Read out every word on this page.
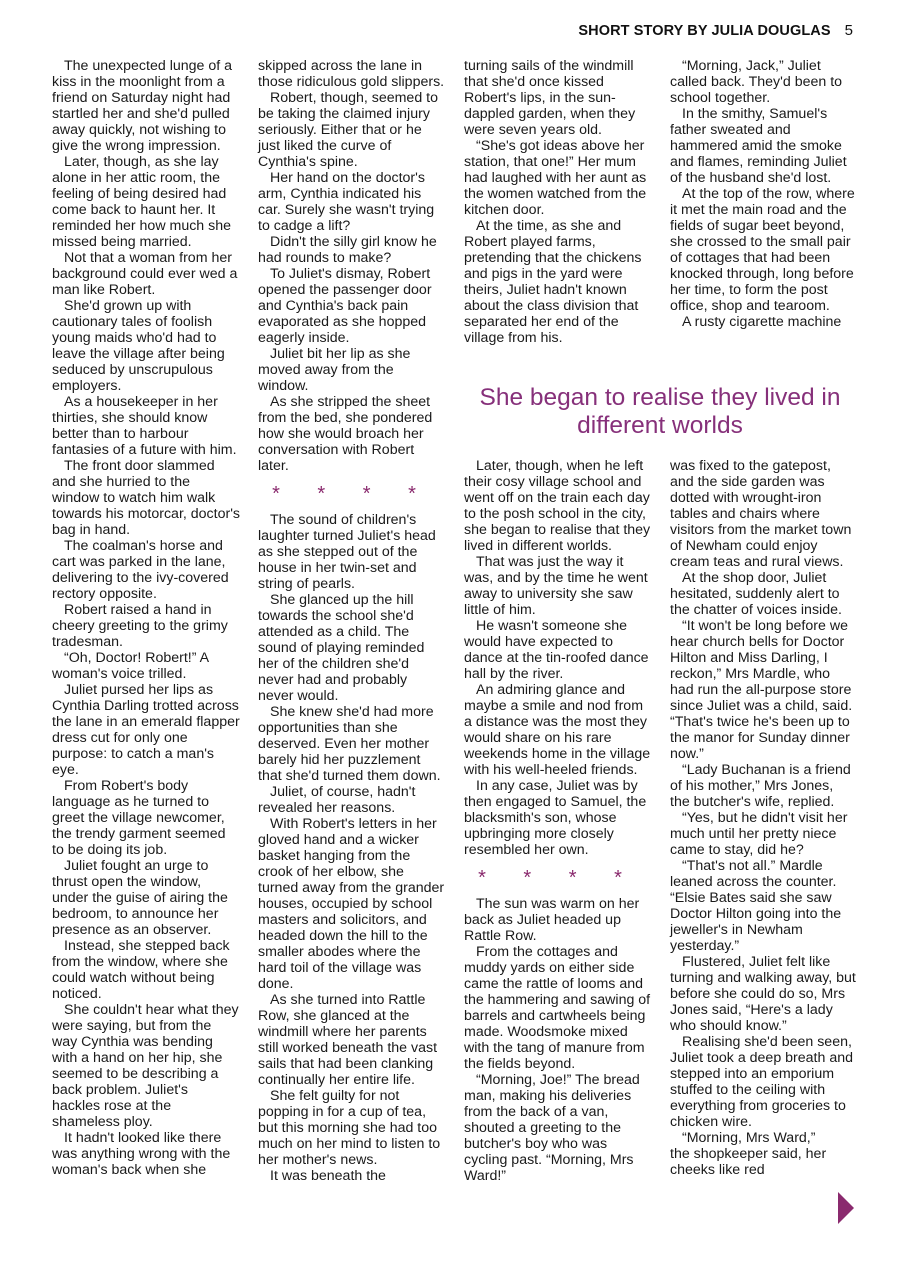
SHORT STORY BY JULIA DOUGLAS 5

The unexpected lunge of a kiss in the moonlight from a friend on Saturday night had startled her and she'd pulled away quickly, not wishing to give the wrong impression.

Later, though, as she lay alone in her attic room, the feeling of being desired had come back to haunt her. It reminded her how much she missed being married.

Not that a woman from her background could ever wed a man like Robert.

She'd grown up with cautionary tales of foolish young maids who'd had to leave the village after being seduced by unscrupulous employers.

As a housekeeper in her thirties, she should know better than to harbour fantasies of a future with him.

The front door slammed and she hurried to the window to watch him walk towards his motorcar, doctor's bag in hand.

The coalman's horse and cart was parked in the lane, delivering to the ivy-covered rectory opposite.

Robert raised a hand in cheery greeting to the grimy tradesman.

“Oh, Doctor! Robert!” A woman's voice trilled.

Juliet pursed her lips as Cynthia Darling trotted across the lane in an emerald flapper dress cut for only one purpose: to catch a man's eye.

From Robert's body language as he turned to greet the village newcomer, the trendy garment seemed to be doing its job.

Juliet fought an urge to thrust open the window, under the guise of airing the bedroom, to announce her presence as an observer.

Instead, she stepped back from the window, where she could watch without being noticed.

She couldn't hear what they were saying, but from the way Cynthia was bending with a hand on her hip, she seemed to be describing a back problem. Juliet's hackles rose at the shameless ploy.

It hadn't looked like there was anything wrong with the woman's back when she

skipped across the lane in those ridiculous gold slippers.

Robert, though, seemed to be taking the claimed injury seriously. Either that or he just liked the curve of Cynthia's spine.

Her hand on the doctor's arm, Cynthia indicated his car. Surely she wasn't trying to cadge a lift?

Didn't the silly girl know he had rounds to make?

To Juliet's dismay, Robert opened the passenger door and Cynthia's back pain evaporated as she hopped eagerly inside.

Juliet bit her lip as she moved away from the window.

As she stripped the sheet from the bed, she pondered how she would broach her conversation with Robert later.

* * * *

The sound of children's laughter turned Juliet's head as she stepped out of the house in her twin-set and string of pearls.

She glanced up the hill towards the school she'd attended as a child. The sound of playing reminded her of the children she'd never had and probably never would.

She knew she'd had more opportunities than she deserved. Even her mother barely hid her puzzlement that she'd turned them down.

Juliet, of course, hadn't revealed her reasons.

With Robert's letters in her gloved hand and a wicker basket hanging from the crook of her elbow, she turned away from the grander houses, occupied by school masters and solicitors, and headed down the hill to the smaller abodes where the hard toil of the village was done.

As she turned into Rattle Row, she glanced at the windmill where her parents still worked beneath the vast sails that had been clanking continually her entire life.

She felt guilty for not popping in for a cup of tea, but this morning she had too much on her mind to listen to her mother's news.

It was beneath the

turning sails of the windmill that she'd once kissed Robert's lips, in the sun-dappled garden, when they were seven years old.

“She's got ideas above her station, that one!” Her mum had laughed with her aunt as the women watched from the kitchen door.

At the time, as she and Robert played farms, pretending that the chickens and pigs in the yard were theirs, Juliet hadn't known about the class division that separated her end of the village from his.

“Morning, Jack,” Juliet called back. They'd been to school together.

In the smithy, Samuel's father sweated and hammered amid the smoke and flames, reminding Juliet of the husband she'd lost.

At the top of the row, where it met the main road and the fields of sugar beet beyond, she crossed to the small pair of cottages that had been knocked through, long before her time, to form the post office, shop and tearoom.

A rusty cigarette machine

She began to realise they lived in different worlds

Later, though, when he left their cosy village school and went off on the train each day to the posh school in the city, she began to realise that they lived in different worlds.

That was just the way it was, and by the time he went away to university she saw little of him.

He wasn't someone she would have expected to dance at the tin-roofed dance hall by the river.

An admiring glance and maybe a smile and nod from a distance was the most they would share on his rare weekends home in the village with his well-heeled friends.

In any case, Juliet was by then engaged to Samuel, the blacksmith's son, whose upbringing more closely resembled her own.

* * * *

The sun was warm on her back as Juliet headed up Rattle Row.

From the cottages and muddy yards on either side came the rattle of looms and the hammering and sawing of barrels and cartwheels being made. Woodsmoke mixed with the tang of manure from the fields beyond.

“Morning, Joe!” The bread man, making his deliveries from the back of a van, shouted a greeting to the butcher's boy who was cycling past. “Morning, Mrs Ward!”

was fixed to the gatepost, and the side garden was dotted with wrought-iron tables and chairs where visitors from the market town of Newham could enjoy cream teas and rural views.

At the shop door, Juliet hesitated, suddenly alert to the chatter of voices inside.

“It won't be long before we hear church bells for Doctor Hilton and Miss Darling, I reckon,” Mrs Mardle, who had run the all-purpose store since Juliet was a child, said. “That's twice he's been up to the manor for Sunday dinner now.”

“Lady Buchanan is a friend of his mother,” Mrs Jones, the butcher's wife, replied.

“Yes, but he didn't visit her much until her pretty niece came to stay, did he?

“That's not all.” Mardle leaned across the counter. “Elsie Bates said she saw Doctor Hilton going into the jeweller's in Newham yesterday.”

Flustered, Juliet felt like turning and walking away, but before she could do so, Mrs Jones said, “Here's a lady who should know.”

Realising she'd been seen, Juliet took a deep breath and stepped into an emporium stuffed to the ceiling with everything from groceries to chicken wire.

“Morning, Mrs Ward,” the shopkeeper said, her cheeks like red
